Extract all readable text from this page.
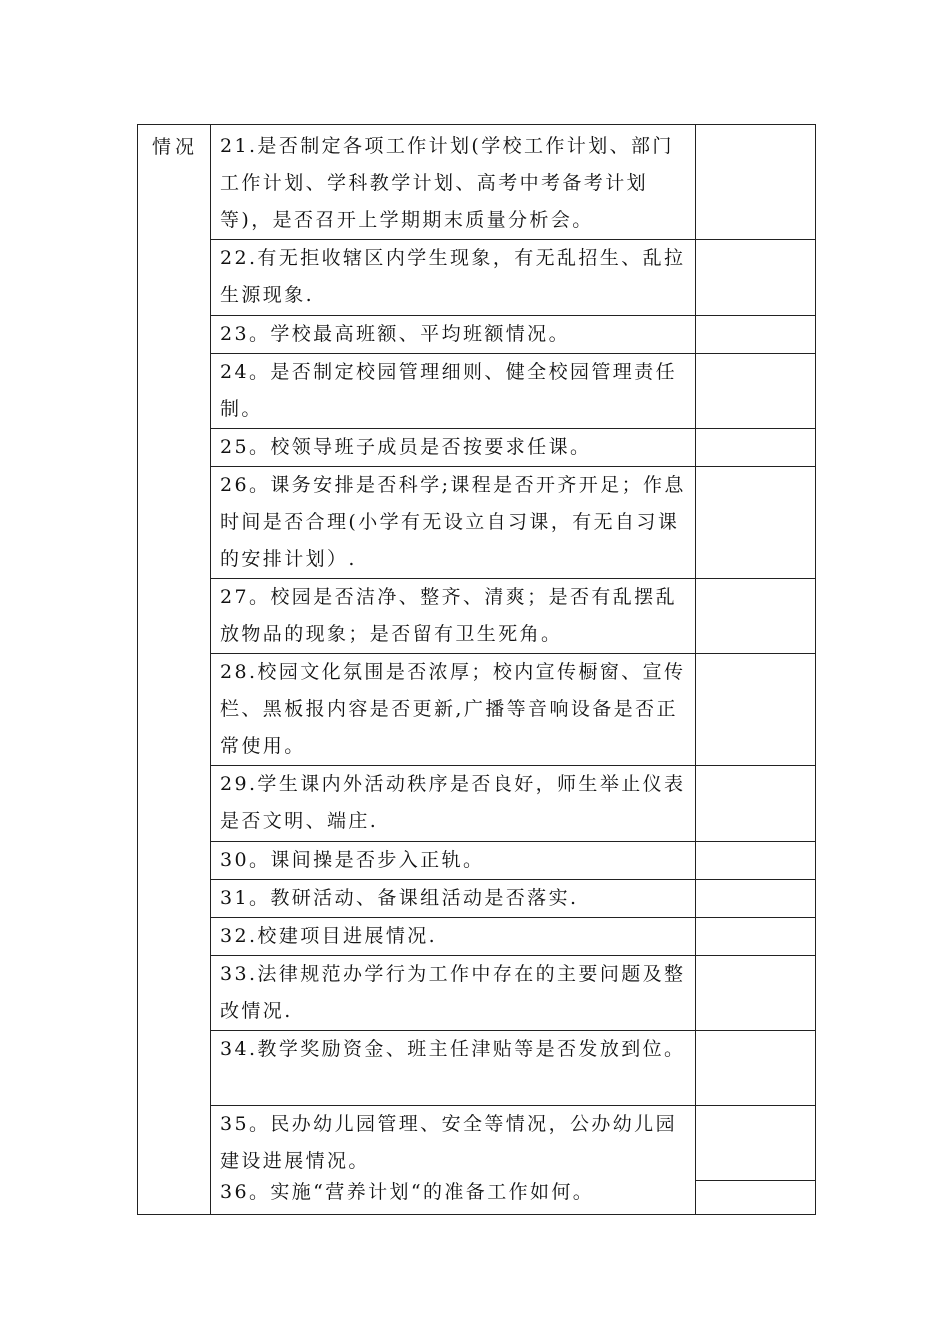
情况	21.是否制定各项工作计划(学校工作计划、部门工作计划、学科教学计划、高考中考备考计划等)，是否召开上学期期末质量分析会。	

	22.有无拒收辖区内学生现象，有无乱招生、乱拉生源现象.	

	23。学校最高班额、平均班额情况。	

	24。是否制定校园管理细则、健全校园管理责任制。	

	25。校领导班子成员是否按要求任课。	

	26。课务安排是否科学;课程是否开齐开足；作息时间是否合理(小学有无设立自习课，有无自习课的安排计划）.	

	27。校园是否洁净、整齐、清爽；是否有乱摆乱放物品的现象；是否留有卫生死角。	

	28.校园文化氛围是否浓厚；校内宣传橱窗、宣传栏、黑板报内容是否更新,广播等音响设备是否正常使用。	

	29.学生课内外活动秩序是否良好，师生举止仪表是否文明、端庄.	

	30。课间操是否步入正轨。	

	31。教研活动、备课组活动是否落实.	

	32.校建项目进展情况.	

	33.法律规范办学行为工作中存在的主要问题及整改情况.	

	34.教学奖励资金、班主任津贴等是否发放到位。	

	35。民办幼儿园管理、安全等情况，公办幼儿园建设进展情况。	

	36。实施“营养计划“的准备工作如何。	
